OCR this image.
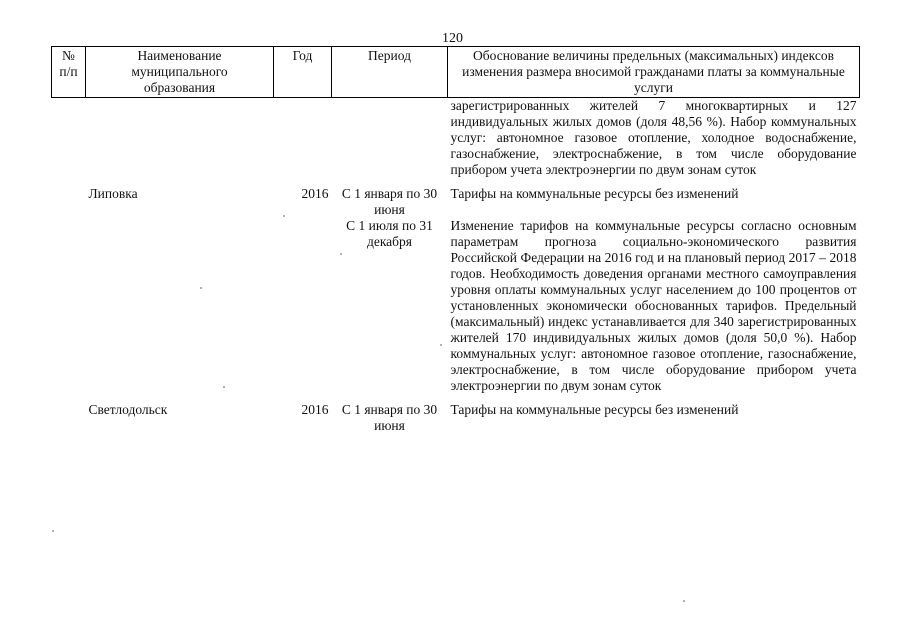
120
№
п/п	Наименование муниципального образования	Год	Период	Обоснование величины предельных (максимальных) индексов изменения размера вносимой гражданами платы за коммунальные услуги
				зарегистрированных жителей 7 многоквартирных и 127 индивидуальных жилых домов (доля 48,56 %). Набор коммунальных услуг: автономное газовое отопление, холодное водоснабжение, газоснабжение, электроснабжение, в том числе оборудование прибором учета электроэнергии по двум зонам суток

	Липовка	2016	С 1 января по 30 июня	Тарифы на коммунальные ресурсы без изменений
			С 1 июля по 31 декабря	Изменение тарифов на коммунальные ресурсы согласно основным параметрам прогноза социально-экономического развития Российской Федерации на 2016 год и на плановый период 2017 – 2018 годов. Необходимость доведения органами местного самоуправления уровня оплаты коммунальных услуг населением до 100 процентов от установленных экономически обоснованных тарифов. Предельный (максимальный) индекс устанавливается для 340 зарегистрированных жителей 170 индивидуальных жилых домов (доля 50,0 %). Набор коммунальных услуг: автономное газовое отопление, газоснабжение, электроснабжение, в том числе оборудование прибором учета электроэнергии по двум зонам суток

	Светлодольск	2016	С 1 января по 30 июня	Тарифы на коммунальные ресурсы без изменений
